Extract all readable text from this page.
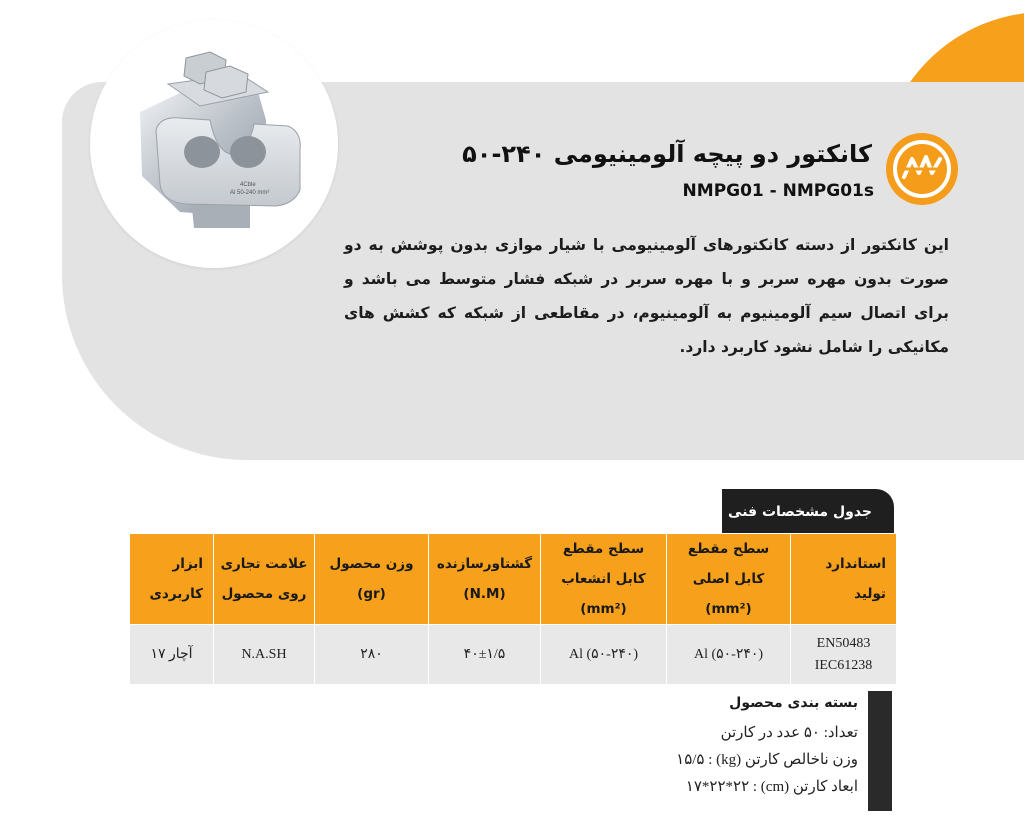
4Cble
Al 50-240 mm²
کانکتور دو پیچه آلومینیومی ۲۴۰-۵۰
NMPG01 - NMPG01s
این کانکتور از دسته کانکتورهای آلومینیومی با شیار موازی بدون پوشش به دو صورت بدون مهره سربر و با مهره سربر در شبکه فشار متوسط می باشد و برای اتصال سیم آلومینیوم به آلومینیوم، در مقاطعی از شبکه که کشش های مکانیکی را شامل نشود کاربرد دارد.
جدول مشخصات فنی
استاندارد تولید	سطح مقطع کابل اصلی (mm²)	سطح مقطع کابل انشعاب (mm²)	گشتاورسازنده (N.M)	وزن محصول (gr)	علامت تجاری روی محصول	ابزار کاربردی

EN50483
IEC61238	Al (۵۰-۲۴۰)	Al (۵۰-۲۴۰)	۴۰±۱/۵	۲۸۰	N.A.SH	آچار ۱۷
بسته بندی محصول
تعداد: ۵۰ عدد در کارتن
وزن ناخالص کارتن (kg) : ۱۵/۵
ابعاد کارتن (cm) : ۱۷*۲۲*۲۲
